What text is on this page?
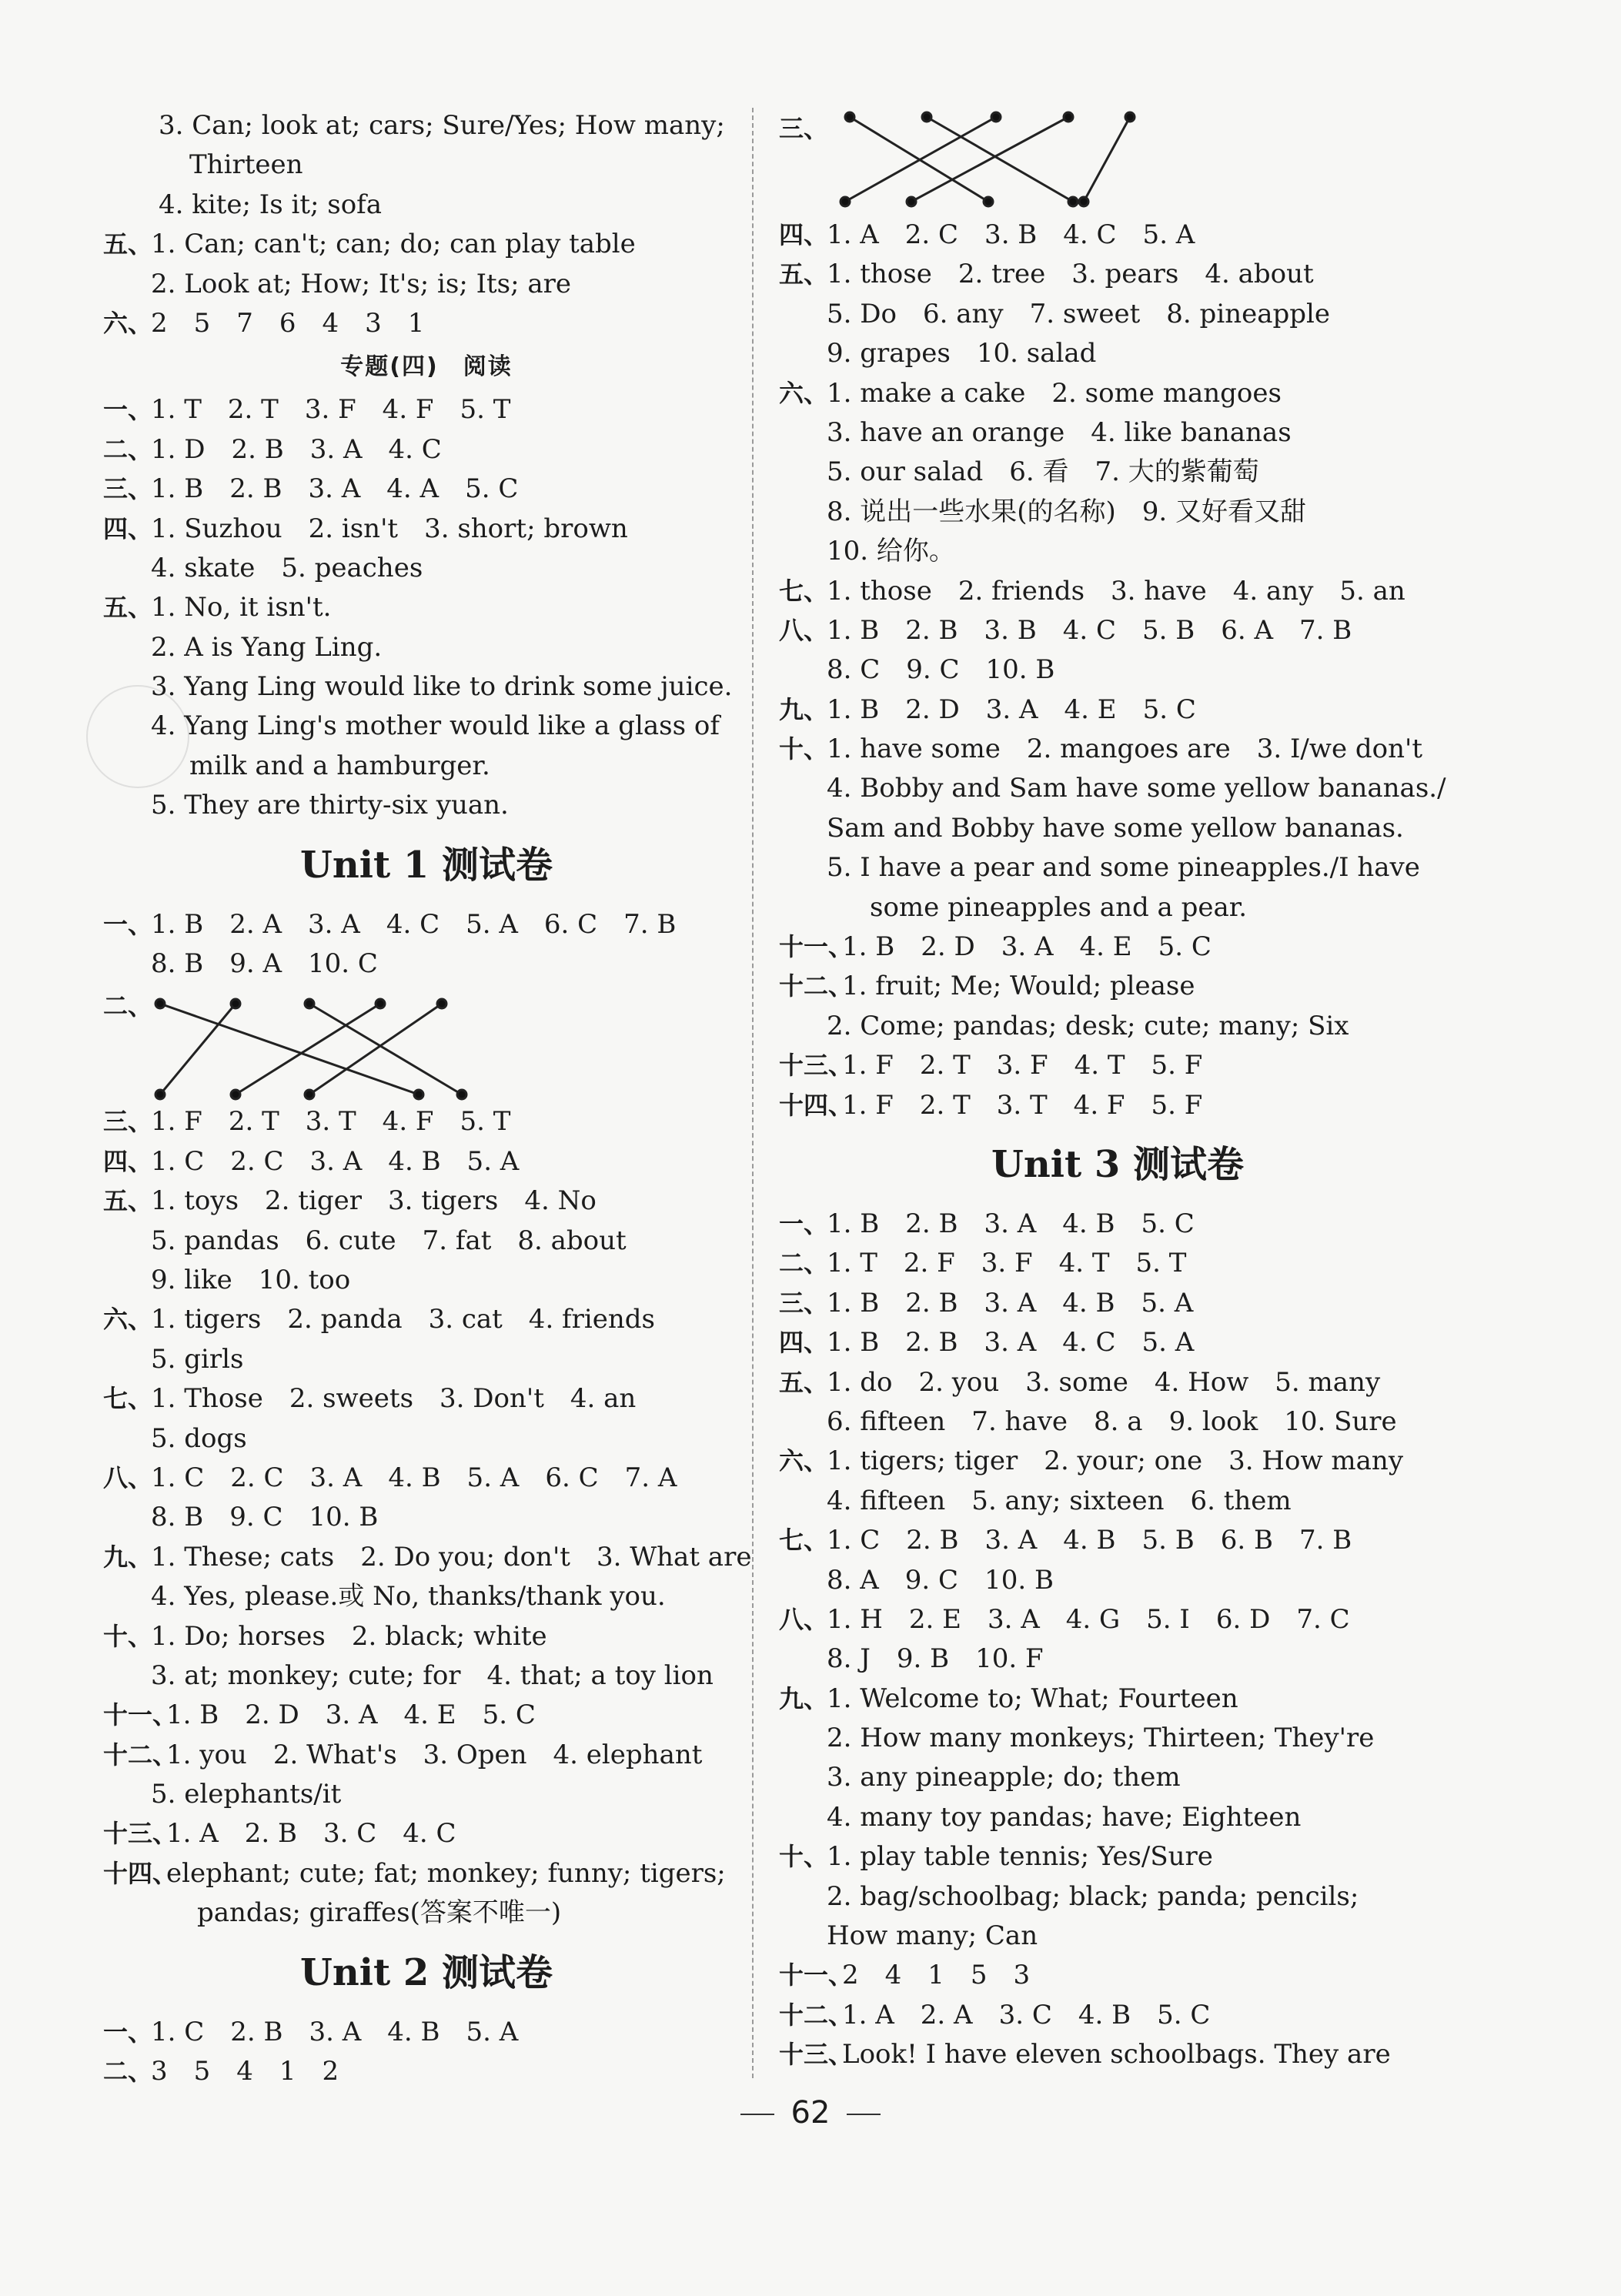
3. Can; look at; cars; Sure/Yes; How many;
Thirteen
4. kite; Is it; sofa
五、1. Can; can't; can; do; can play table
2. Look at; How; It's; is; Its; are
六、2　5　7　6　4　3　1
专题(四)　阅读
一、1. T　2. T　3. F　4. F　5. T
二、1. D　2. B　3. A　4. C
三、1. B　2. B　3. A　4. A　5. C
四、1. Suzhou　2. isn't　3. short; brown
4. skate　5. peaches
五、1. No, it isn't.
2. A is Yang Ling.
3. Yang Ling would like to drink some juice.
4. Yang Ling's mother would like a glass of
milk and a hamburger.
5. They are thirty-six yuan.
Unit 1 测试卷
一、1. B　2. A　3. A　4. C　5. A　6. C　7. B
8. B　9. A　10. C
二、
三、1. F　2. T　3. T　4. F　5. T
四、1. C　2. C　3. A　4. B　5. A
五、1. toys　2. tiger　3. tigers　4. No
5. pandas　6. cute　7. fat　8. about
9. like　10. too
六、1. tigers　2. panda　3. cat　4. friends
5. girls
七、1. Those　2. sweets　3. Don't　4. an
5. dogs
八、1. C　2. C　3. A　4. B　5. A　6. C　7. A
8. B　9. C　10. B
九、1. These; cats　2. Do you; don't　3. What are
4. Yes, please.或 No, thanks/thank you.
十、1. Do; horses　2. black; white
3. at; monkey; cute; for　4. that; a toy lion
十一、1. B　2. D　3. A　4. E　5. C
十二、1. you　2. What's　3. Open　4. elephant
5. elephants/it
十三、1. A　2. B　3. C　4. C
十四、elephant; cute; fat; monkey; funny; tigers;
pandas; giraffes(答案不唯一)
Unit 2 测试卷
一、1. C　2. B　3. A　4. B　5. A
二、3　5　4　1　2
三、
四、1. A　2. C　3. B　4. C　5. A
五、1. those　2. tree　3. pears　4. about
5. Do　6. any　7. sweet　8. pineapple
9. grapes　10. salad
六、1. make a cake　2. some mangoes
3. have an orange　4. like bananas
5. our salad　6. 看　7. 大的紫葡萄
8. 说出一些水果(的名称)　9. 又好看又甜
10. 给你。
七、1. those　2. friends　3. have　4. any　5. an
八、1. B　2. B　3. B　4. C　5. B　6. A　7. B
8. C　9. C　10. B
九、1. B　2. D　3. A　4. E　5. C
十、1. have some　2. mangoes are　3. I/we don't
4. Bobby and Sam have some yellow bananas./
Sam and Bobby have some yellow bananas.
5. I have a pear and some pineapples./I have
some pineapples and a pear.
十一、1. B　2. D　3. A　4. E　5. C
十二、1. fruit; Me; Would; please
2. Come; pandas; desk; cute; many; Six
十三、1. F　2. T　3. F　4. T　5. F
十四、1. F　2. T　3. T　4. F　5. F
Unit 3 测试卷
一、1. B　2. B　3. A　4. B　5. C
二、1. T　2. F　3. F　4. T　5. T
三、1. B　2. B　3. A　4. B　5. A
四、1. B　2. B　3. A　4. C　5. A
五、1. do　2. you　3. some　4. How　5. many
6. fifteen　7. have　8. a　9. look　10. Sure
六、1. tigers; tiger　2. your; one　3. How many
4. fifteen　5. any; sixteen　6. them
七、1. C　2. B　3. A　4. B　5. B　6. B　7. B
8. A　9. C　10. B
八、1. H　2. E　3. A　4. G　5. I　6. D　7. C
8. J　9. B　10. F
九、1. Welcome to; What; Fourteen
2. How many monkeys; Thirteen; They're
3. any pineapple; do; them
4. many toy pandas; have; Eighteen
十、1. play table tennis; Yes/Sure
2. bag/schoolbag; black; panda; pencils;
How many; Can
十一、2　4　1　5　3
十二、1. A　2. A　3. C　4. B　5. C
十三、Look! I have eleven schoolbags. They are
62
